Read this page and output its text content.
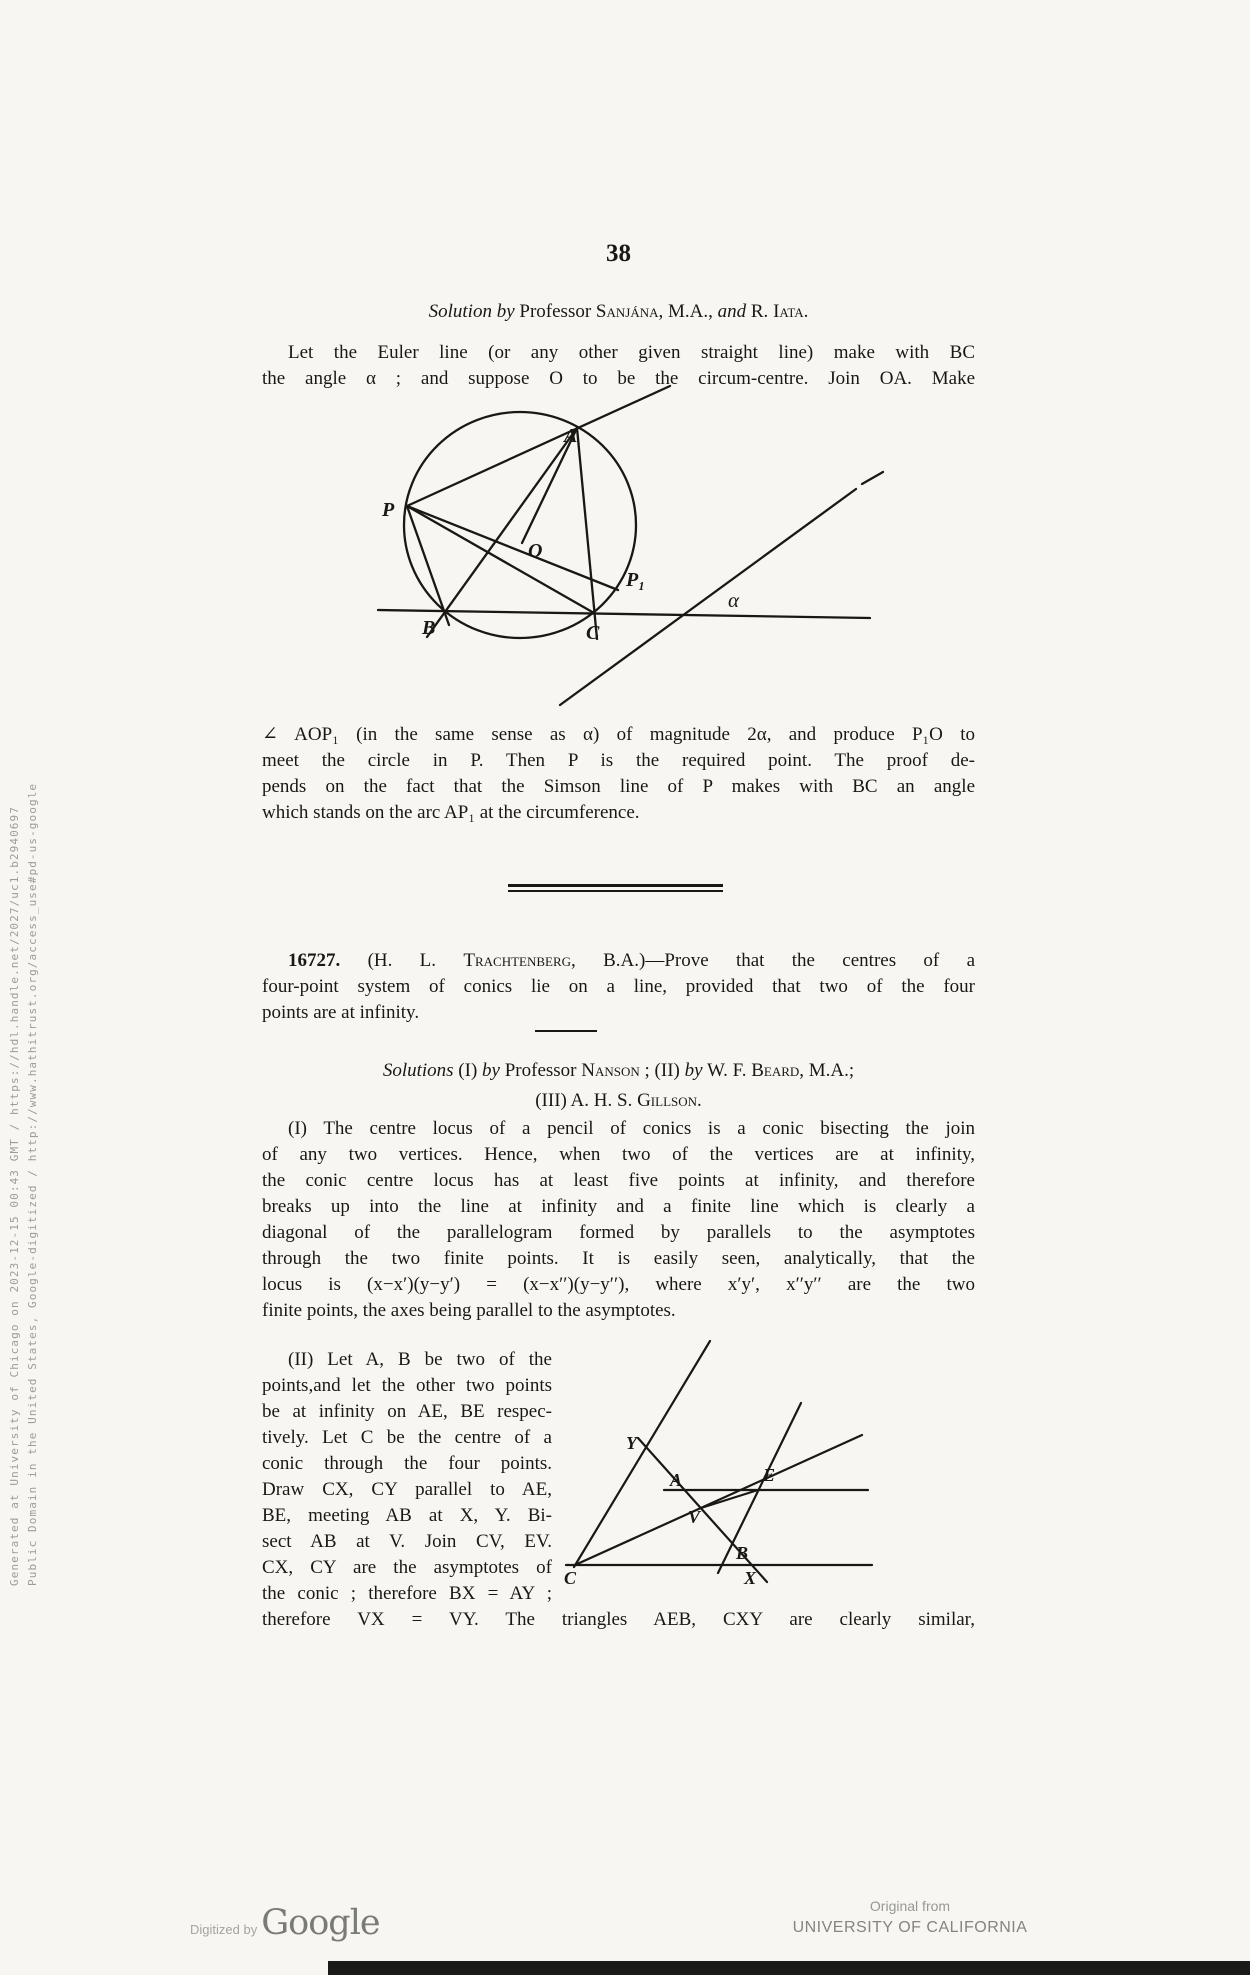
Generated at University of Chicago on 2023-12-15 00:43 GMT / https://hdl.handle.net/2027/uc1.b2940697 Public Domain in the United States, Google-digitized / http://www.hathitrust.org/access_use#pd-us-google
38
Solution by Professor Sanjána, M.A., and R. Iata.
Let the Euler line (or any other given straight line) make with BC
the angle α ; and suppose O to be the circum-centre. Join OA. Make
A
P
O
P₁
B	C
α
∠ AOP₁ (in the same sense as α) of magnitude 2α, and produce P₁O to
meet the circle in P. Then P is the required point. The proof de-
pends on the fact that the Simson line of P makes with BC an angle
which stands on the arc AP₁ at the circumference.
16727. (H. L. Trachtenberg, B.A.)—Prove that the centres of a
four-point system of conics lie on a line, provided that two of the four
points are at infinity.
Solutions (I) by Professor Nanson ; (II) by W. F. Beard, M.A.;
(III) A. H. S. Gillson.
(I) The centre locus of a pencil of conics is a conic bisecting the join
of any two vertices. Hence, when two of the vertices are at infinity,
the conic centre locus has at least five points at infinity, and therefore
breaks up into the line at infinity and a finite line which is clearly a
diagonal of the parallelogram formed by parallels to the asymptotes
through the two finite points. It is easily seen, analytically, that the
locus is (x−x′)(y−y′) = (x−x′′)(y−y′′), where x′y′, x′′y′′ are the two
finite points, the axes being parallel to the asymptotes.
(II) Let A, B be two of the
points,and let the other two points
be at infinity on AE, BE respec-
tively. Let C be the centre of a
conic through the four points.
Draw CX, CY parallel to AE,
BE, meeting AB at X, Y. Bi-
sect AB at V. Join CV, EV.
CX, CY are the asymptotes of
the conic ; therefore BX = AY ;
therefore VX = VY. The triangles AEB, CXY are clearly similar,
Y
A	E
V
B
X
C
Digitized by Google	Original from
UNIVERSITY OF CALIFORNIA
